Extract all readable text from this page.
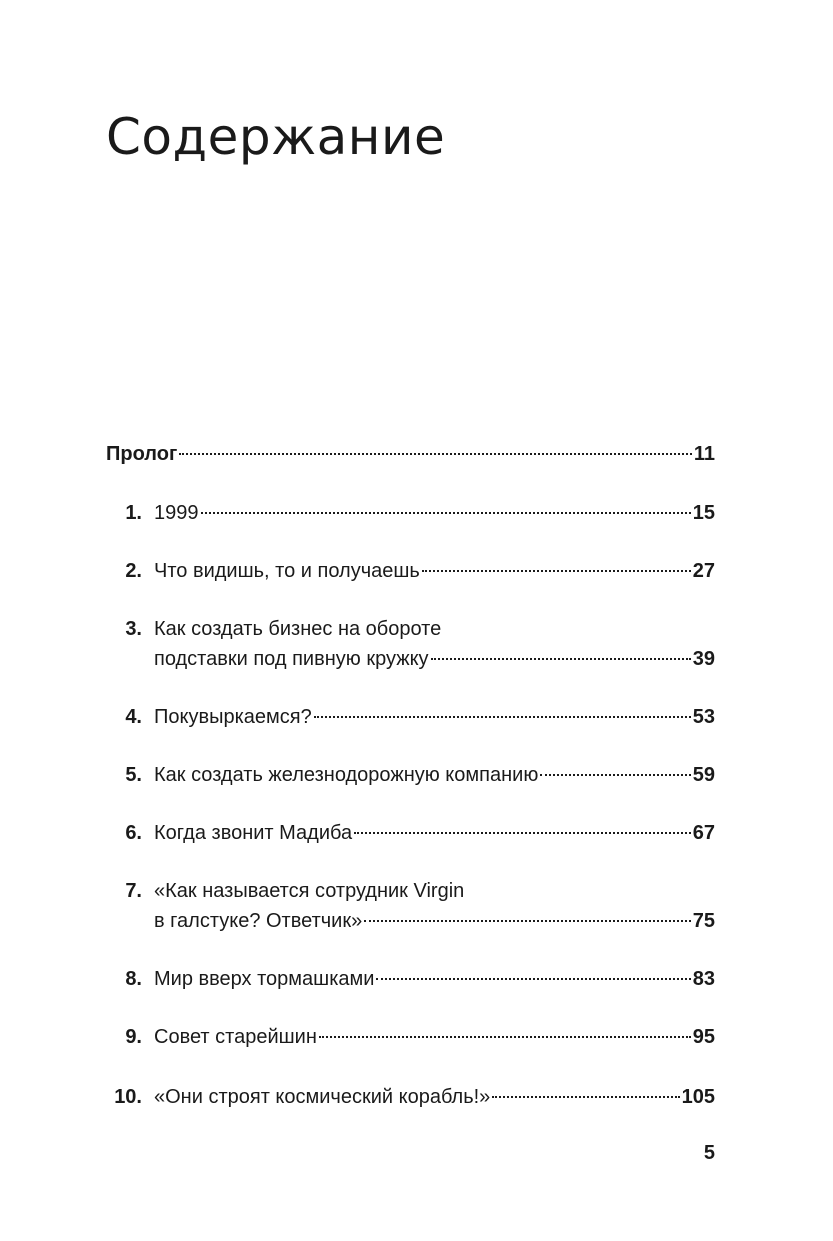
Содержание
Пролог	11
1. 1999	15
2. Что видишь, то и получаешь	27
3. Как создать бизнес на обороте
подставки под пивную кружку	39
4. Покувыркаемся?	53
5. Как создать железнодорожную компанию	59
6. Когда звонит Мадиба	67
7. «Как называется сотрудник Virgin
в галстуке? Ответчик»	75
8. Мир вверх тормашками	83
9. Совет старейшин	95
10. «Они строят космический корабль!»	105
5
